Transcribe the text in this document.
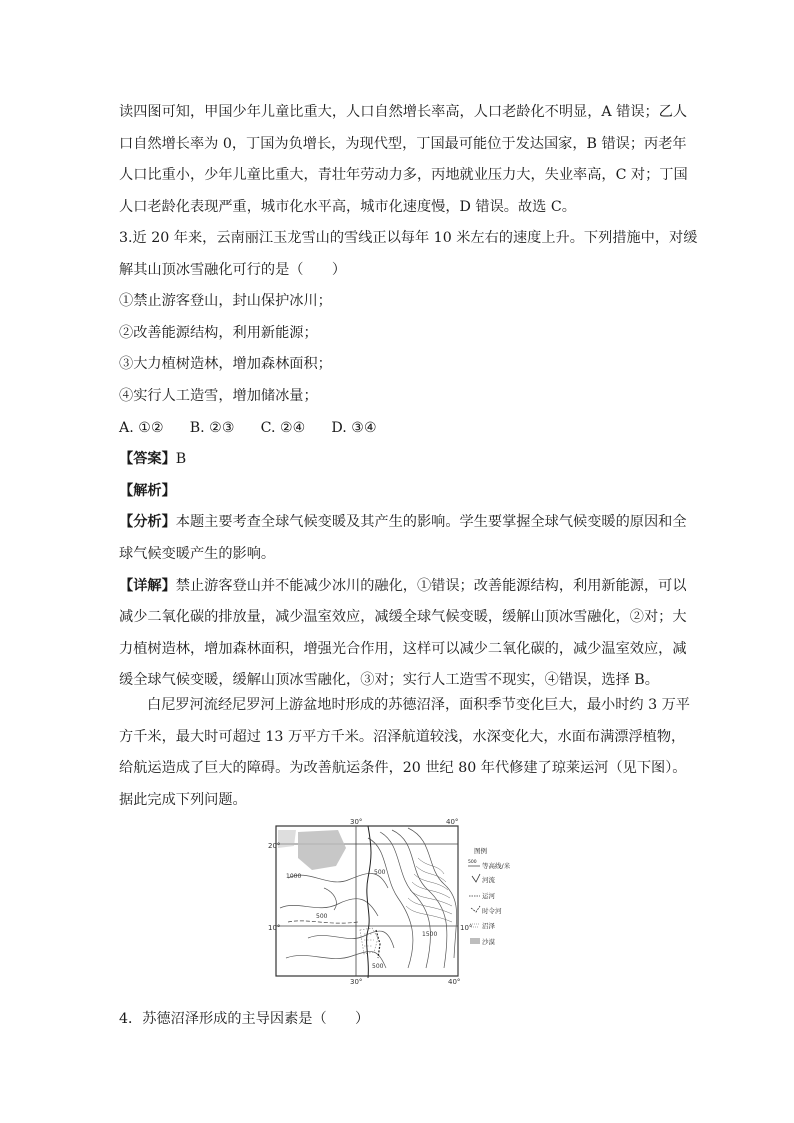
读四图可知，甲国少年儿童比重大，人口自然增长率高，人口老龄化不明显，A 错误；乙人
口自然增长率为 0，丁国为负增长，为现代型，丁国最可能位于发达国家，B 错误；丙老年
人口比重小，少年儿童比重大，青壮年劳动力多，丙地就业压力大，失业率高，C 对；丁国
人口老龄化表现严重，城市化水平高，城市化速度慢，D 错误。故选 C。
3.近 20 年来，云南丽江玉龙雪山的雪线正以每年 10 米左右的速度上升。下列措施中，对缓
解其山顶冰雪融化可行的是（　　）
①禁止游客登山，封山保护冰川；
②改善能源结构，利用新能源；
③大力植树造林，增加森林面积；
④实行人工造雪，增加储冰量；
A. ①② B. ②③ C. ②④ D. ③④
【答案】B
【解析】
【分析】本题主要考查全球气候变暖及其产生的影响。学生要掌握全球气候变暖的原因和全
球气候变暖产生的影响。
【详解】禁止游客登山并不能减少冰川的融化，①错误；改善能源结构，利用新能源，可以
减少二氧化碳的排放量，减少温室效应，减缓全球气候变暖，缓解山顶冰雪融化，②对；大
力植树造林，增加森林面积，增强光合作用，这样可以减少二氧化碳的，减少温室效应，减
缓全球气候变暖，缓解山顶冰雪融化，③对；实行人工造雪不现实，④错误，选择 B。
白尼罗河流经尼罗河上游盆地时形成的苏德沼泽，面积季节变化巨大，最小时约 3 万平
方千米，最大时可超过 13 万平方千米。沼泽航道较浅，水深变化大，水面布满漂浮植物，
给航运造成了巨大的障碍。为改善航运条件，20 世纪 80 年代修建了琼莱运河（见下图）。
据此完成下列问题。
30°	40°
40°
30°
20°
10°	10°
1000
500
500
1500
500
图例
500 等高线/米
河流
运河
时令河
沼泽
沙漠
4．苏德沼泽形成的主导因素是（　　）
